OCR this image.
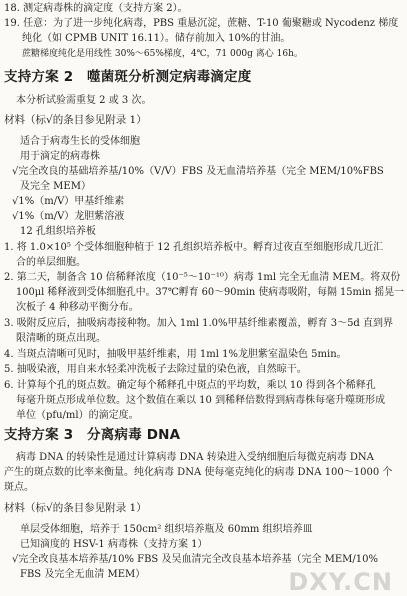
18. 测定病毒株的滴定度（支持方案 2）。
19. 任意：为了进一步纯化病毒，PBS 重悬沉淀，蔗糖、T-10 葡聚糖或 Nycodenz 梯度
纯化（如 CPMB UNIT 16.11）。储存前加入 10%的甘油。
蔗糖梯度纯化是用线性 30%～65%梯度，4℃，71 000g 离心 16h。
支持方案 2　噬菌斑分析测定病毒滴定度
本分析试验需重复 2 或 3 次。
材料（标√的条目参见附录 1）
适合于病毒生长的受体细胞
用于滴定的病毒株
√完全改良的基础培养基/10%（V/V）FBS 及无血清培养基（完全 MEM/10%FBS
及完全 MEM）
√1%（m/V）甲基纤维素
√1%（m/V）龙胆紫溶液
12 孔组织培养板
1. 将 1.0×10⁵ 个受体细胞种植于 12 孔组织培养板中。孵育过夜直至细胞形成几近汇
合的单层细胞。
2. 第二天，制备含 10 倍稀释浓度（10⁻⁵～10⁻¹⁰）病毒 1ml 完全无血清 MEM。将双份
100μl 稀释液到受体细胞孔中。37℃孵育 60～90min 使病毒吸附，每隔 15min 摇晃一
次板子 4 种移动平衡分布。
3. 吸附反应后，抽吸病毒接种物。加入 1ml 1.0%甲基纤维素覆盖，孵育 3～5d 直到界
限清晰的斑点出现。
4. 当斑点清晰可见时，抽吸甲基纤维素，用 1ml 1%龙胆紫室温染色 5min。
5. 抽吸染液，用自来水轻柔冲洗板子去除过量的染色液，自然晾干。
6. 计算每个孔的斑点数。确定每个稀释孔中斑点的平均数，乘以 10 得到各个稀释孔
每毫升斑点形成单位数。这个数值在乘以 10 到稀释倍数得到病毒株每毫升噬斑形成
单位（pfu/ml）的滴定度。
支持方案 3　分离病毒 DNA
病毒 DNA 的转染性是通过计算病毒 DNA 转染进入受纳细胞后每微克病毒 DNA
产生的斑点数的比率来衡量。纯化病毒 DNA 使每毫克纯化的病毒 DNA 100～1000 个
斑点。
材料（标√的条目参见附录 1）
单层受体细胞，培养于 150cm² 组织培养瓶及 60mm 组织培养皿
已知滴度的 HSV-1 病毒株（支持方案 1）
√完全改良基本培养基/10% FBS 及吴血清完全改良基本培养基（完全 MEM/10%
FBS 及完全无血清 MEM）	DXY.CN
